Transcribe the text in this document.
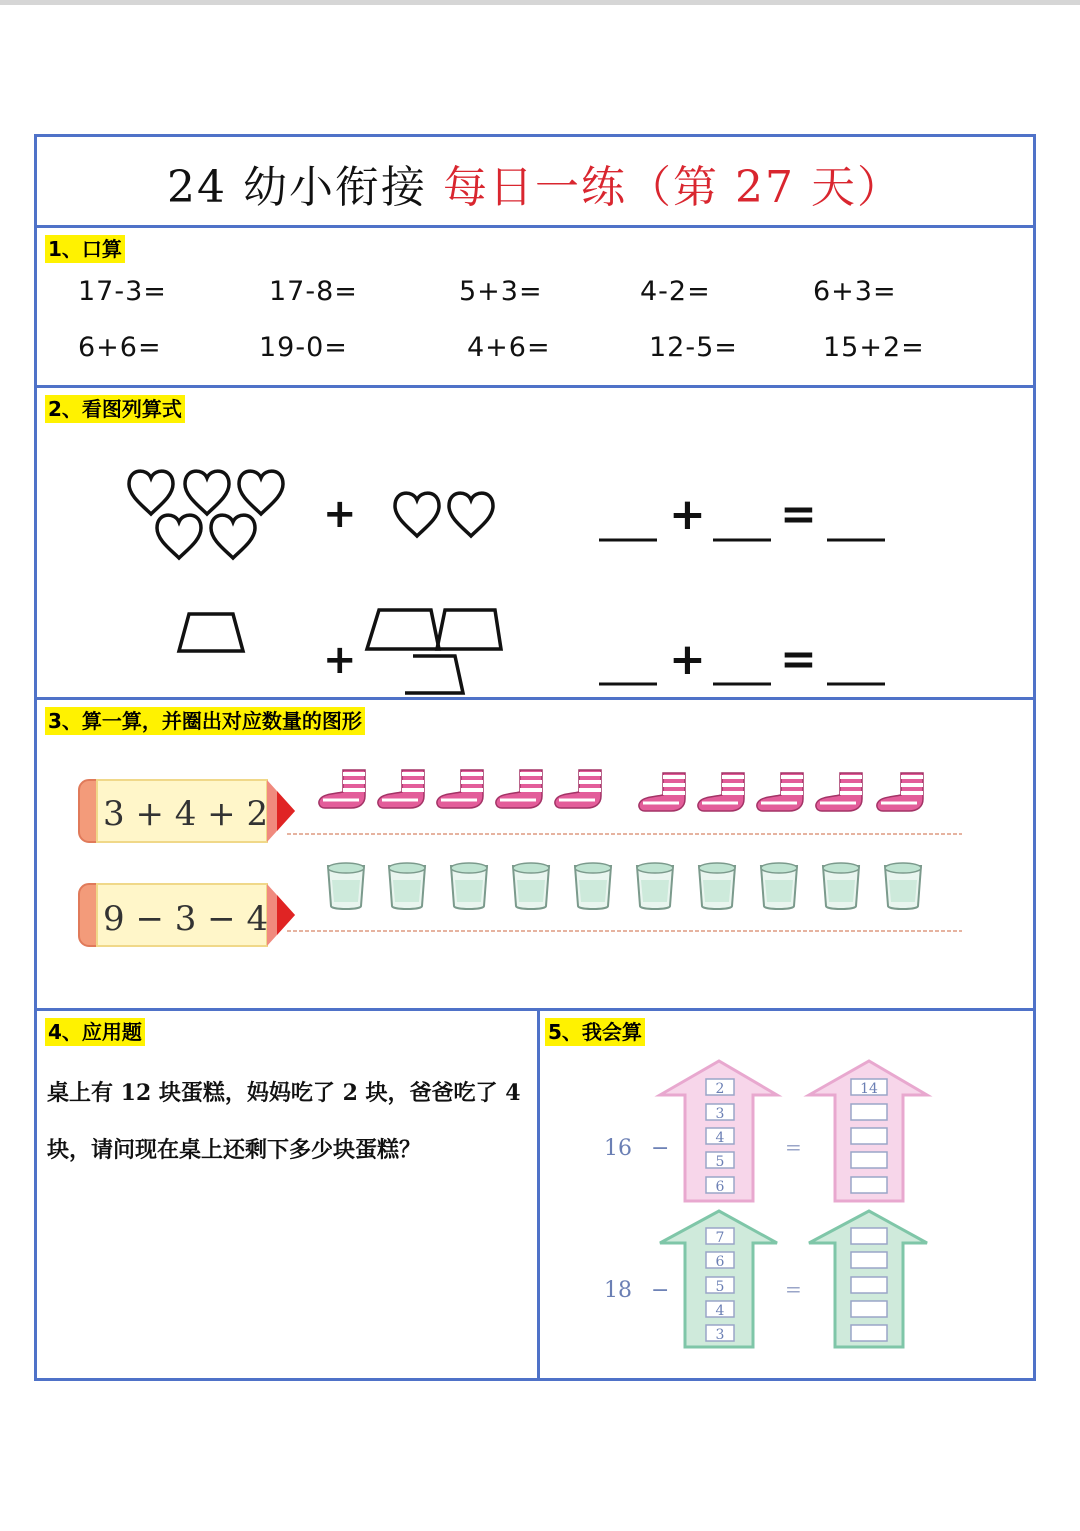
24 幼小衔接 每日一练（第 27 天）
1、口算
17-3=	17-8=	5+3=	4-2=	6+3=
6+6=	19-0=	4+6=	12-5=	15+2=
2、看图列算式
+	+ =
+	+ =
3、算一算，并圈出对应数量的图形
3 + 4 + 2
9 − 3 − 4
4、应用题
桌上有 12 块蛋糕，妈妈吃了 2 块，爸爸吃了 4 块，请问现在桌上还剩下多少块蛋糕？
5、我会算
16 −
2
3
4
5
6
=
14
18 −
7
6
5
4
3
=
